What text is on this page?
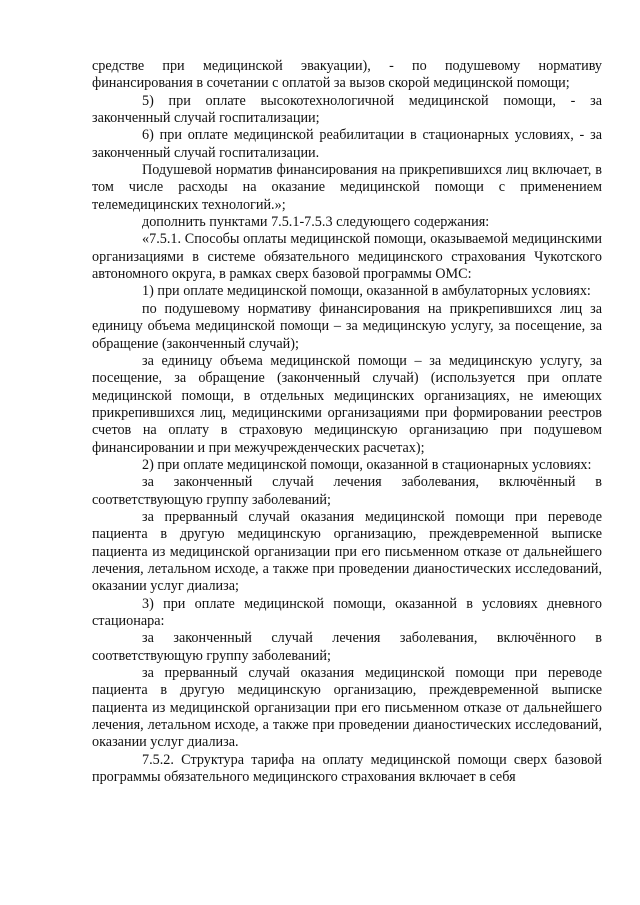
средстве при медицинской эвакуации), - по подушевому нормативу финансирования в сочетании с оплатой за вызов скорой медицинской помощи;

5) при оплате высокотехнологичной медицинской помощи, - за законченный случай госпитализации;

6) при оплате медицинской реабилитации в стационарных условиях, - за законченный случай госпитализации.

Подушевой норматив финансирования на прикрепившихся лиц включает, в том числе расходы на оказание медицинской помощи с применением телемедицинских технологий.»;

дополнить пунктами 7.5.1-7.5.3 следующего содержания:

«7.5.1. Способы оплаты медицинской помощи, оказываемой медицинскими организациями в системе обязательного медицинского страхования Чукотского автономного округа, в рамках сверх базовой программы ОМС:

1) при оплате медицинской помощи, оказанной в амбулаторных условиях:

по подушевому нормативу финансирования на прикрепившихся лиц за единицу объема медицинской помощи – за медицинскую услугу, за посещение, за обращение (законченный случай);

за единицу объема медицинской помощи – за медицинскую услугу, за посещение, за обращение (законченный случай) (используется при оплате медицинской помощи, в отдельных медицинских организациях, не имеющих прикрепившихся лиц, медицинскими организациями при формировании реестров счетов на оплату в страховую медицинскую организацию при подушевом финансировании и при межучрежденческих расчетах);

2) при оплате медицинской помощи, оказанной в стационарных условиях:

за законченный случай лечения заболевания, включённый в соответствующую группу заболеваний;

за прерванный случай оказания медицинской помощи при переводе пациента в другую медицинскую организацию, преждевременной выписке пациента из медицинской организации при его письменном отказе от дальнейшего лечения, летальном исходе, а также при проведении дианостических исследований, оказании услуг диализа;

3) при оплате медицинской помощи, оказанной в условиях дневного стационара:

за законченный случай лечения заболевания, включённого в соответствующую группу заболеваний;

за прерванный случай оказания медицинской помощи при переводе пациента в другую медицинскую организацию, преждевременной выписке пациента из медицинской организации при его письменном отказе от дальнейшего лечения, летальном исходе, а также при проведении дианостических исследований, оказании услуг диализа.

7.5.2. Структура тарифа на оплату медицинской помощи сверх базовой программы обязательного медицинского страхования включает в себя
